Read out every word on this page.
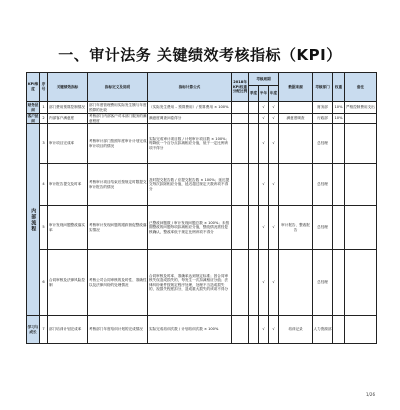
一、审计法务 关键绩效考核指标（KPI）
KPI维度	序号	关键绩效指标	指标定义及说明	指标计算公式	2018年KPI权重分配比例	考核周期			数据来源	考核部门	权重	备注
						季度	半年	年度				
财务层面	1	部门费用预算控制情况	部门年度管理费用实际发生额与年度预算的比较	（实际发生费用 – 预算费用）/ 预算费用 × 100%			√	√		财务部	10%	严格控制费用支出
客户层面	2	内部客户满意度	考核部门内部客户对本部门服务的满意程度	满意度调查问卷得分			√	√	满意度调查	行政部	10%	

内部流程	3	审计项目完成率	考核审计部门按照年度审计计划完成审计项目的情况	实际完成审计项目数 / 计划审计项目数 × 100%；每降低一个百分点扣减相应分值，低于一定比例该项不得分			√	√		总经理		
	4	审计报告提交及时率	考核审计项目结束后按规定时限提交审计报告的情况	及时提交报告数 / 应提交报告数 × 100%；延迟提交每次扣除相应分值，延迟超过规定天数该项不得分			√	√		总经理		
	5	审计发现问题整改落实率	考核审计发现问题的跟踪督促整改落实情况	已整改问题数 / 审计发现问题总数 × 100%；未按期整改的问题每项扣减相应分值，整改情况需经复核确认，整改率低于规定比例该项不得分			√	√	审计报告、整改报告	总经理		
	6	合同审核及法律风险控制	考核公司合同审核的及时性、准确性以及法律纠纷的处理情况	合同审核及时率、准确率达到规定标准；因合同审核失误造成损失的，每发生一次扣减相应分值；法律纠纷案件按规定程序处理，处理不当造成损失的，视损失程度扣分，造成重大损失的该项不得分			√	√		总经理		
学习与成长	7	部门培训计划完成率	考核部门年度培训计划的完成情况	实际完成培训次数 / 计划培训次数 × 100%			√	√	培训记录	人力资源部		
1/26
